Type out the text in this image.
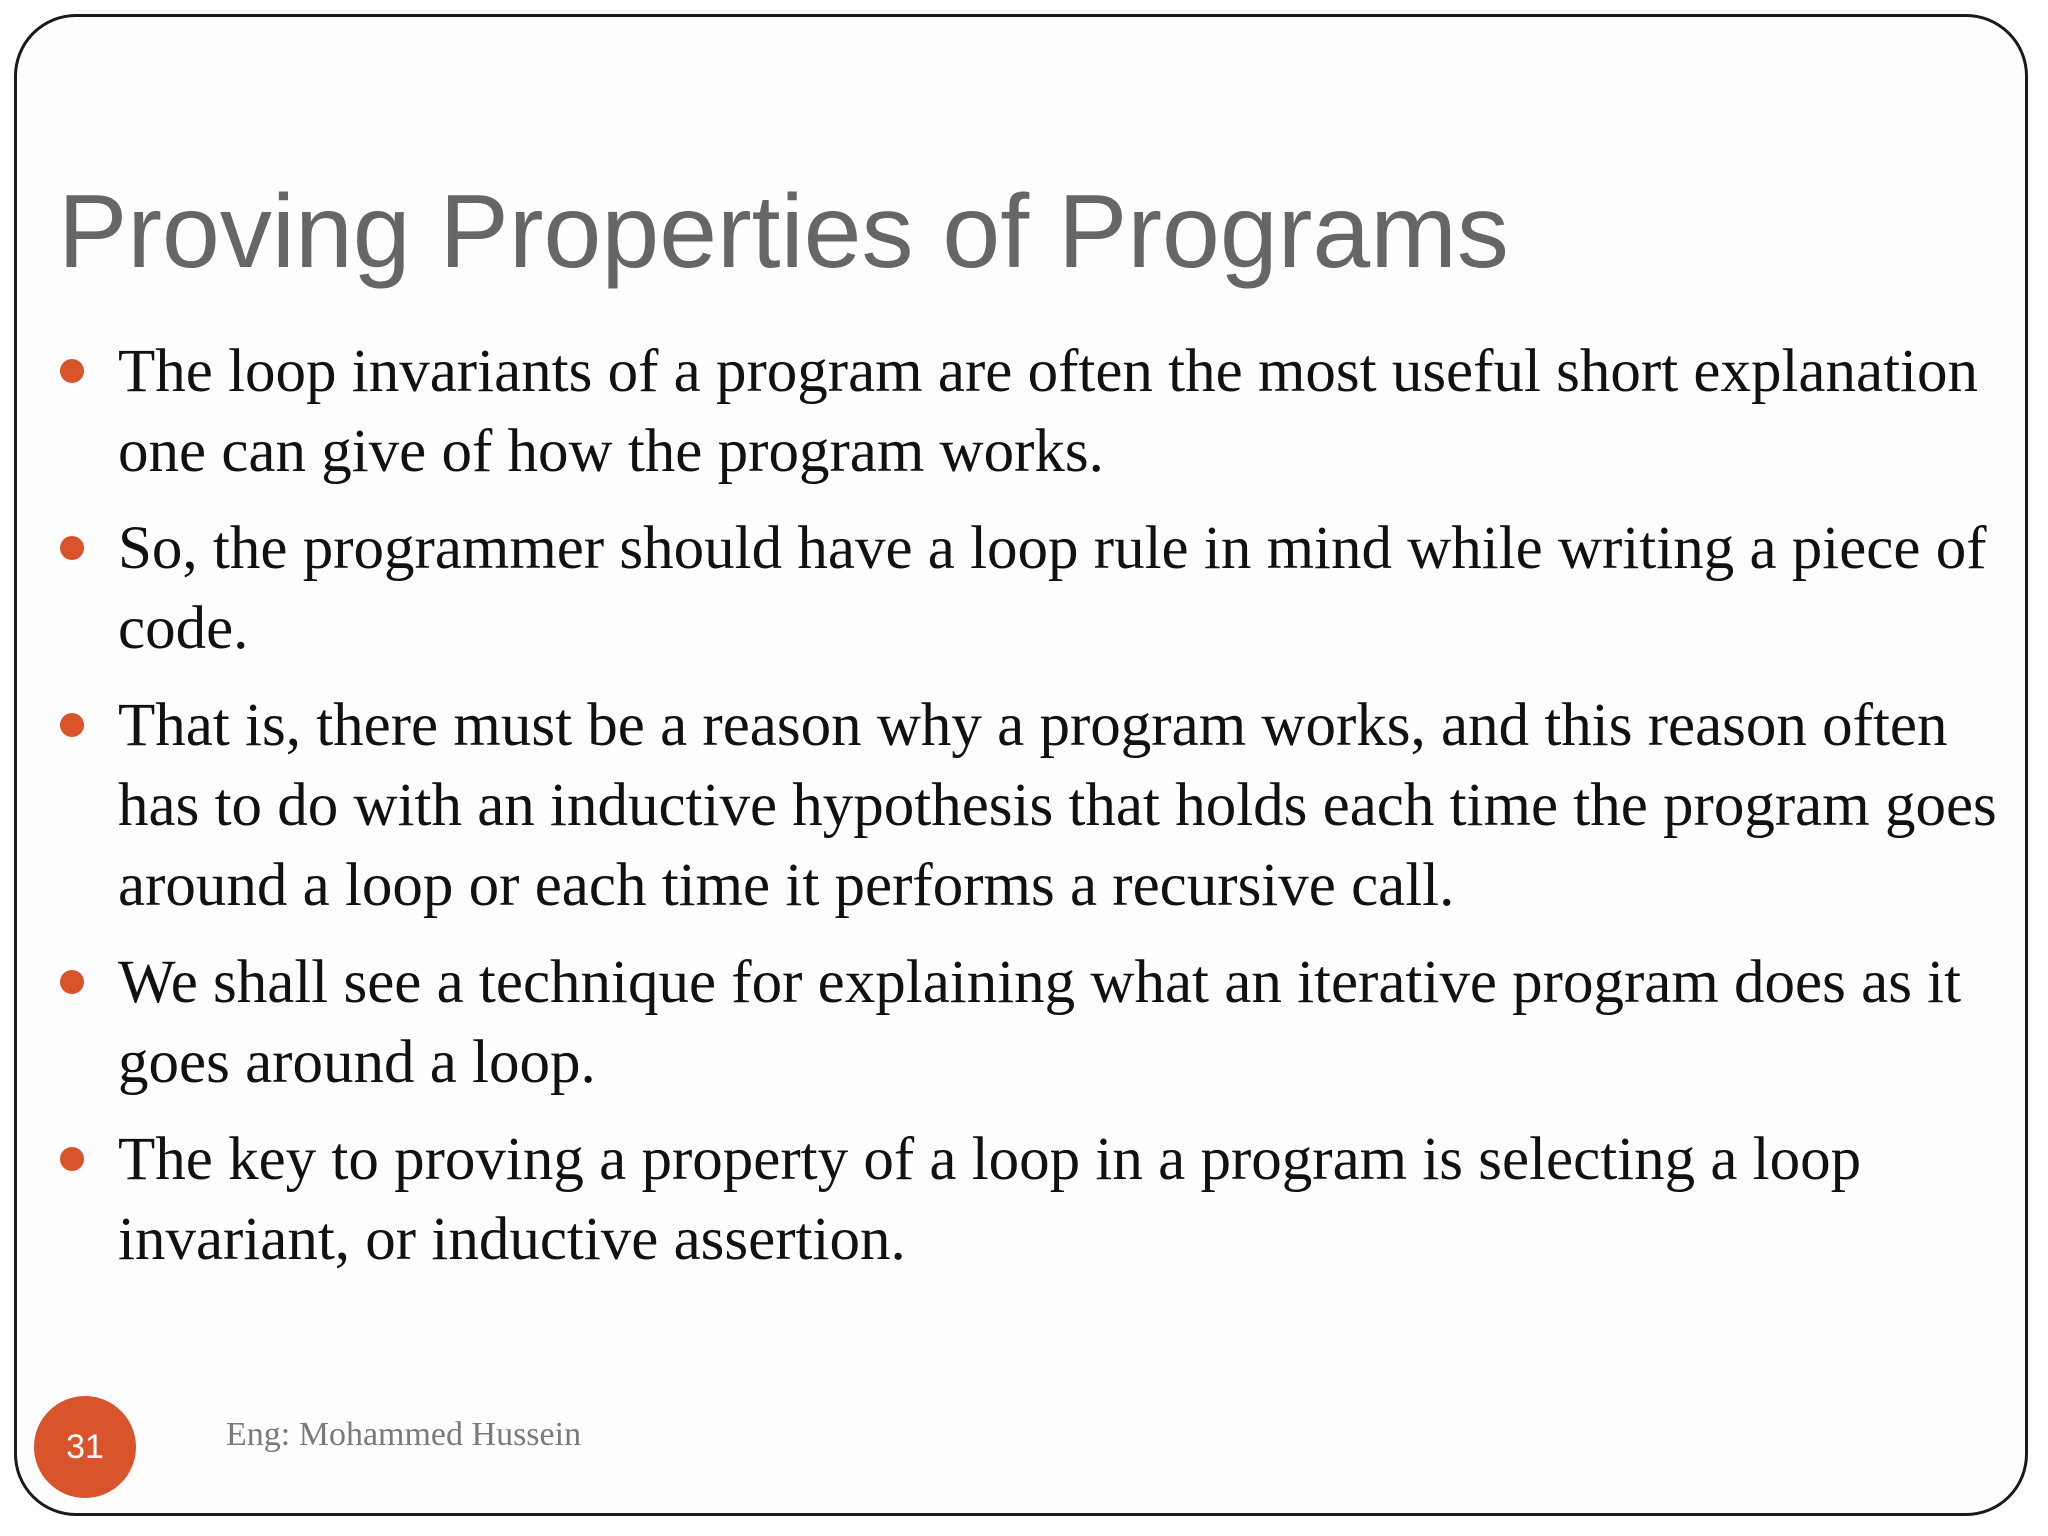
Proving Properties of Programs
The loop invariants of a program are often the most useful short explanation one can give of how the program works.
So, the programmer should have a loop rule in mind while writing a piece of code.
That is, there must be a reason why a program works, and this reason often has to do with an inductive hypothesis that holds each time the program goes around a loop or each time it performs a recursive call.
We shall see a technique for explaining what an iterative program does as it goes around a loop.
The key to proving a property of a loop in a program is selecting a loop invariant, or inductive assertion.
31	Eng: Mohammed Hussein
